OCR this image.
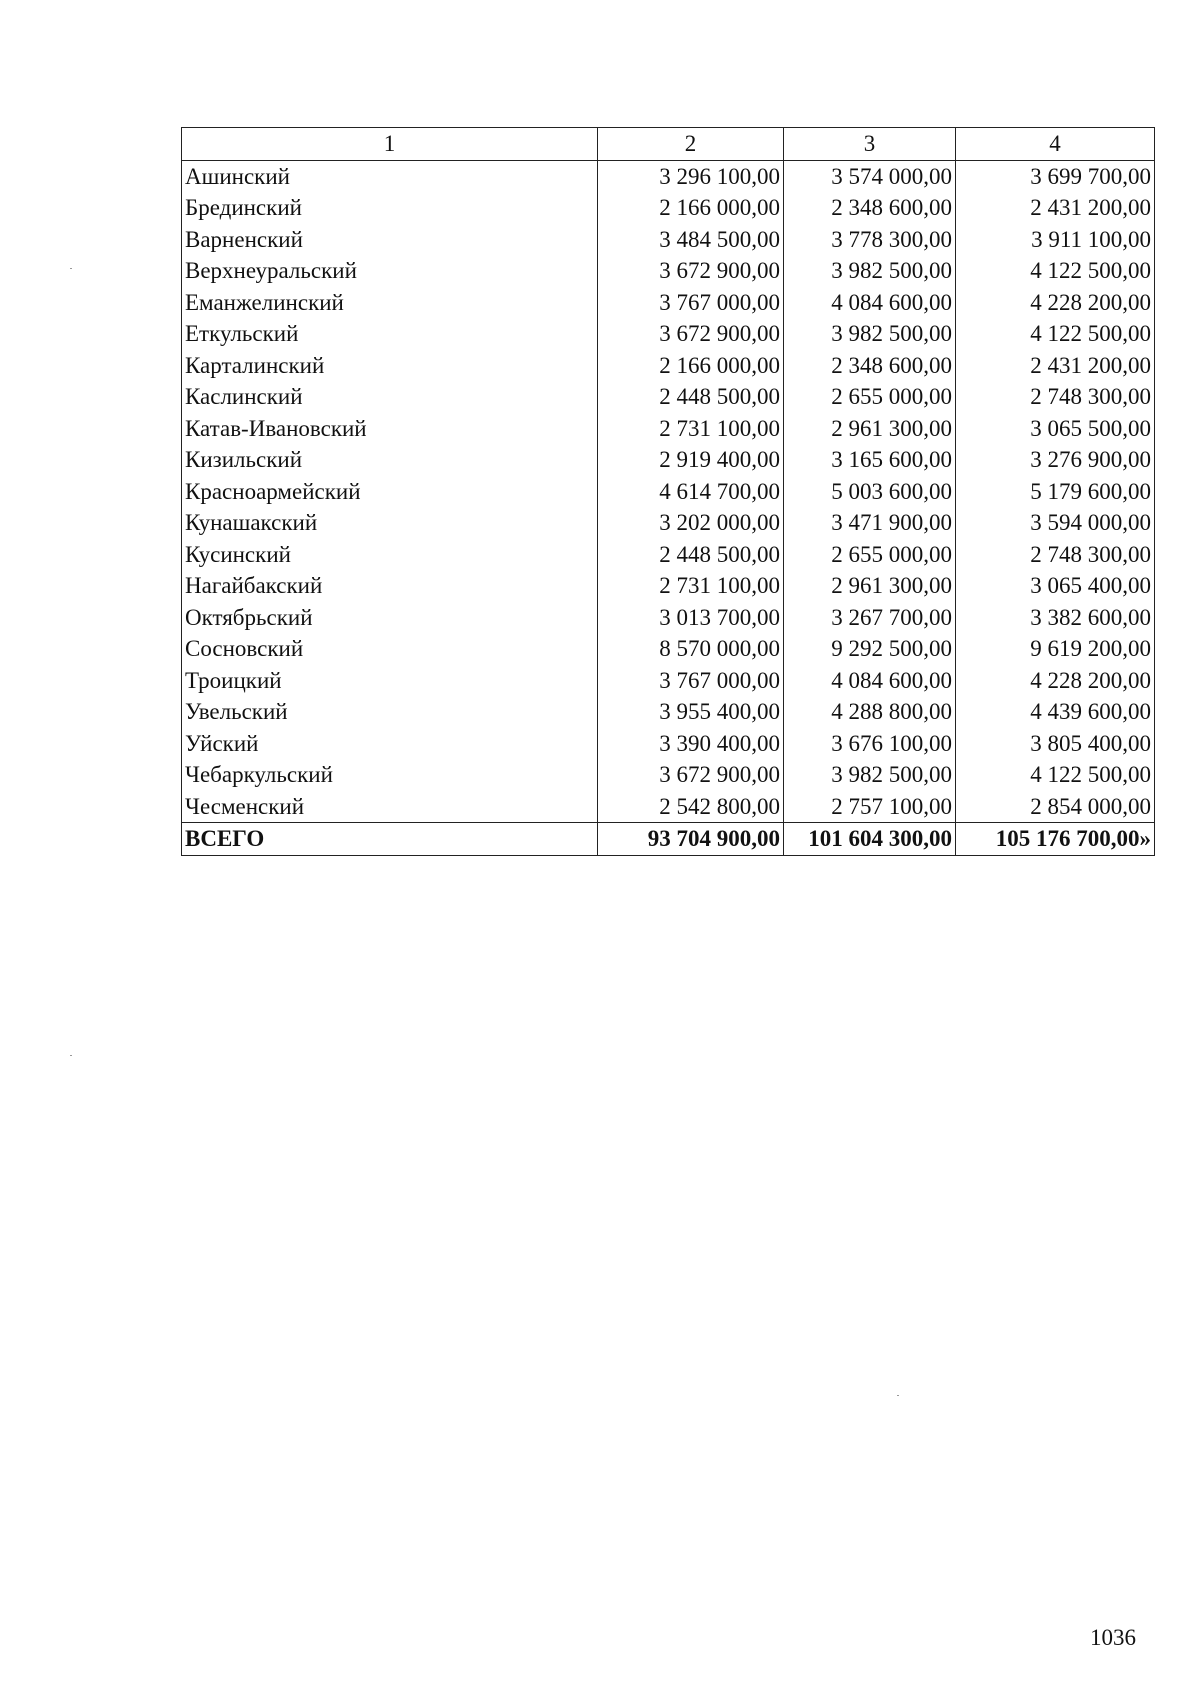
1	2	3	4
Ашинский	3 296 100,00	3 574 000,00	3 699 700,00
Брединский	2 166 000,00	2 348 600,00	2 431 200,00
Варненский	3 484 500,00	3 778 300,00	3 911 100,00
Верхнеуральский	3 672 900,00	3 982 500,00	4 122 500,00
Еманжелинский	3 767 000,00	4 084 600,00	4 228 200,00
Еткульский	3 672 900,00	3 982 500,00	4 122 500,00
Карталинский	2 166 000,00	2 348 600,00	2 431 200,00
Каслинский	2 448 500,00	2 655 000,00	2 748 300,00
Катав-Ивановский	2 731 100,00	2 961 300,00	3 065 500,00
Кизильский	2 919 400,00	3 165 600,00	3 276 900,00
Красноармейский	4 614 700,00	5 003 600,00	5 179 600,00
Кунашакский	3 202 000,00	3 471 900,00	3 594 000,00
Кусинский	2 448 500,00	2 655 000,00	2 748 300,00
Нагайбакский	2 731 100,00	2 961 300,00	3 065 400,00
Октябрьский	3 013 700,00	3 267 700,00	3 382 600,00
Сосновский	8 570 000,00	9 292 500,00	9 619 200,00
Троицкий	3 767 000,00	4 084 600,00	4 228 200,00
Увельский	3 955 400,00	4 288 800,00	4 439 600,00
Уйский	3 390 400,00	3 676 100,00	3 805 400,00
Чебаркульский	3 672 900,00	3 982 500,00	4 122 500,00
Чесменский	2 542 800,00	2 757 100,00	2 854 000,00
ВСЕГО	93 704 900,00	101 604 300,00	105 176 700,00»
1036
